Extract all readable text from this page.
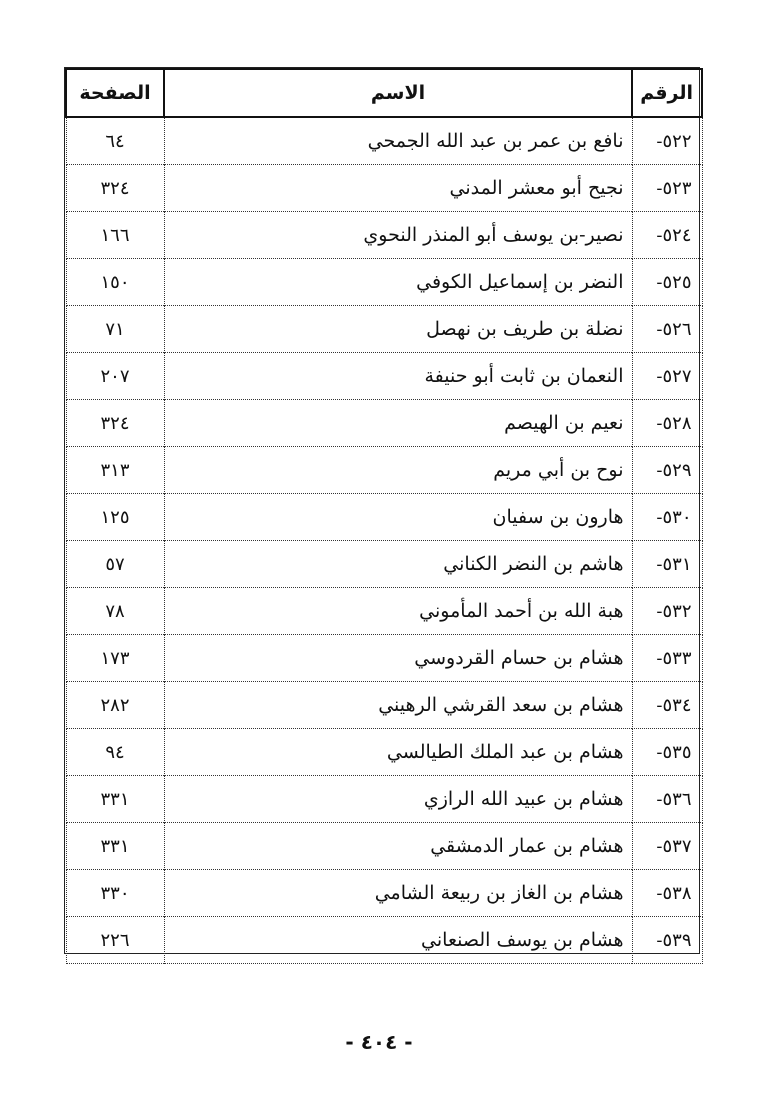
الرقم	الاسم	الصفحة
٥٢٢-	نافع بن عمر بن عبد الله الجمحي	٦٤
٥٢٣-	نجيح أبو معشر المدني	٣٢٤
٥٢٤-	نصير-بن يوسف أبو المنذر النحوي	١٦٦
٥٢٥-	النضر بن إسماعيل الكوفي	١٥٠
٥٢٦-	نضلة بن طريف بن نهصل	٧١
٥٢٧-	النعمان بن ثابت أبو حنيفة	٢٠٧
٥٢٨-	نعيم بن الهيصم	٣٢٤
٥٢٩-	نوح بن أبي مريم	٣١٣
٥٣٠-	هارون بن سفيان	١٢٥
٥٣١-	هاشم بن النضر الكناني	٥٧
٥٣٢-	هبة الله بن أحمد المأموني	٧٨
٥٣٣-	هشام بن حسام القردوسي	١٧٣
٥٣٤-	هشام بن سعد القرشي الرهيني	٢٨٢
٥٣٥-	هشام بن عبد الملك الطيالسي	٩٤
٥٣٦-	هشام بن عبيد الله الرازي	٣٣١
٥٣٧-	هشام بن عمار الدمشقي	٣٣١
٥٣٨-	هشام بن الغاز بن ربيعة الشامي	٣٣٠
٥٣٩-	هشام بن يوسف الصنعاني	٢٢٦
- ٤٠٤ -
